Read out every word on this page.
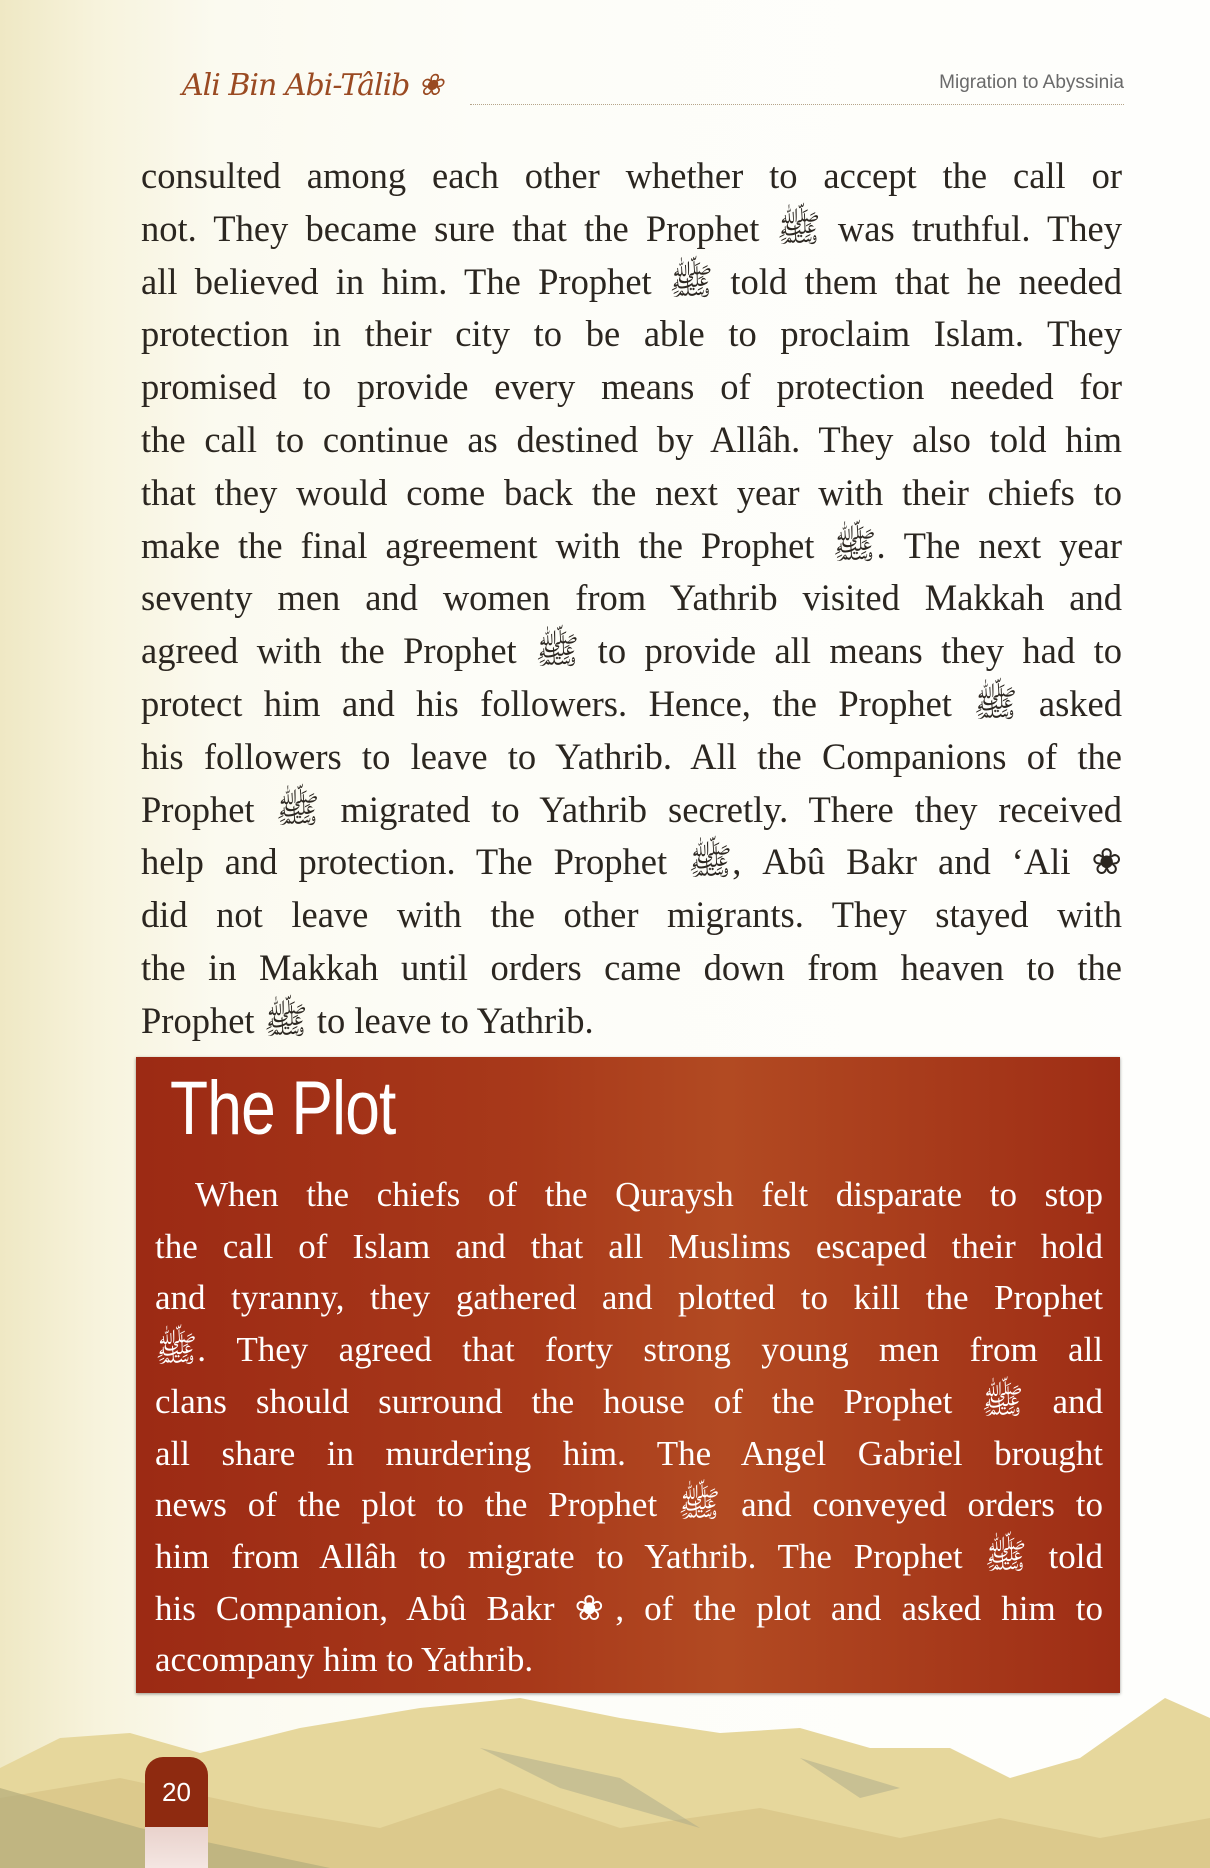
Ali Bin Abi-Tâlib ❀	Migration to Abyssinia
consulted among each other whether to accept the call or
not. They became sure that the Prophet ﷺ was truthful. They
all believed in him. The Prophet ﷺ told them that he needed
protection in their city to be able to proclaim Islam. They
promised to provide every means of protection needed for
the call to continue as destined by Allâh. They also told him
that they would come back the next year with their chiefs to
make the final agreement with the Prophet ﷺ. The next year
seventy men and women from Yathrib visited Makkah and
agreed with the Prophet ﷺ to provide all means they had to
protect him and his followers. Hence, the Prophet ﷺ asked
his followers to leave to Yathrib. All the Companions of the
Prophet ﷺ migrated to Yathrib secretly. There they received
help and protection. The Prophet ﷺ, Abû Bakr and ‘Ali ❀
did not leave with the other migrants. They stayed with
the in Makkah until orders came down from heaven to the
Prophet ﷺ to leave to Yathrib.
The Plot
When the chiefs of the Quraysh felt disparate to stop
the call of Islam and that all Muslims escaped their hold
and tyranny, they gathered and plotted to kill the Prophet
ﷺ. They agreed that forty strong young men from all
clans should surround the house of the Prophet ﷺ and
all share in murdering him. The Angel Gabriel brought
news of the plot to the Prophet ﷺ and conveyed orders to
him from Allâh to migrate to Yathrib. The Prophet ﷺ told
his Companion, Abû Bakr ❀, of the plot and asked him to
accompany him to Yathrib.
20
